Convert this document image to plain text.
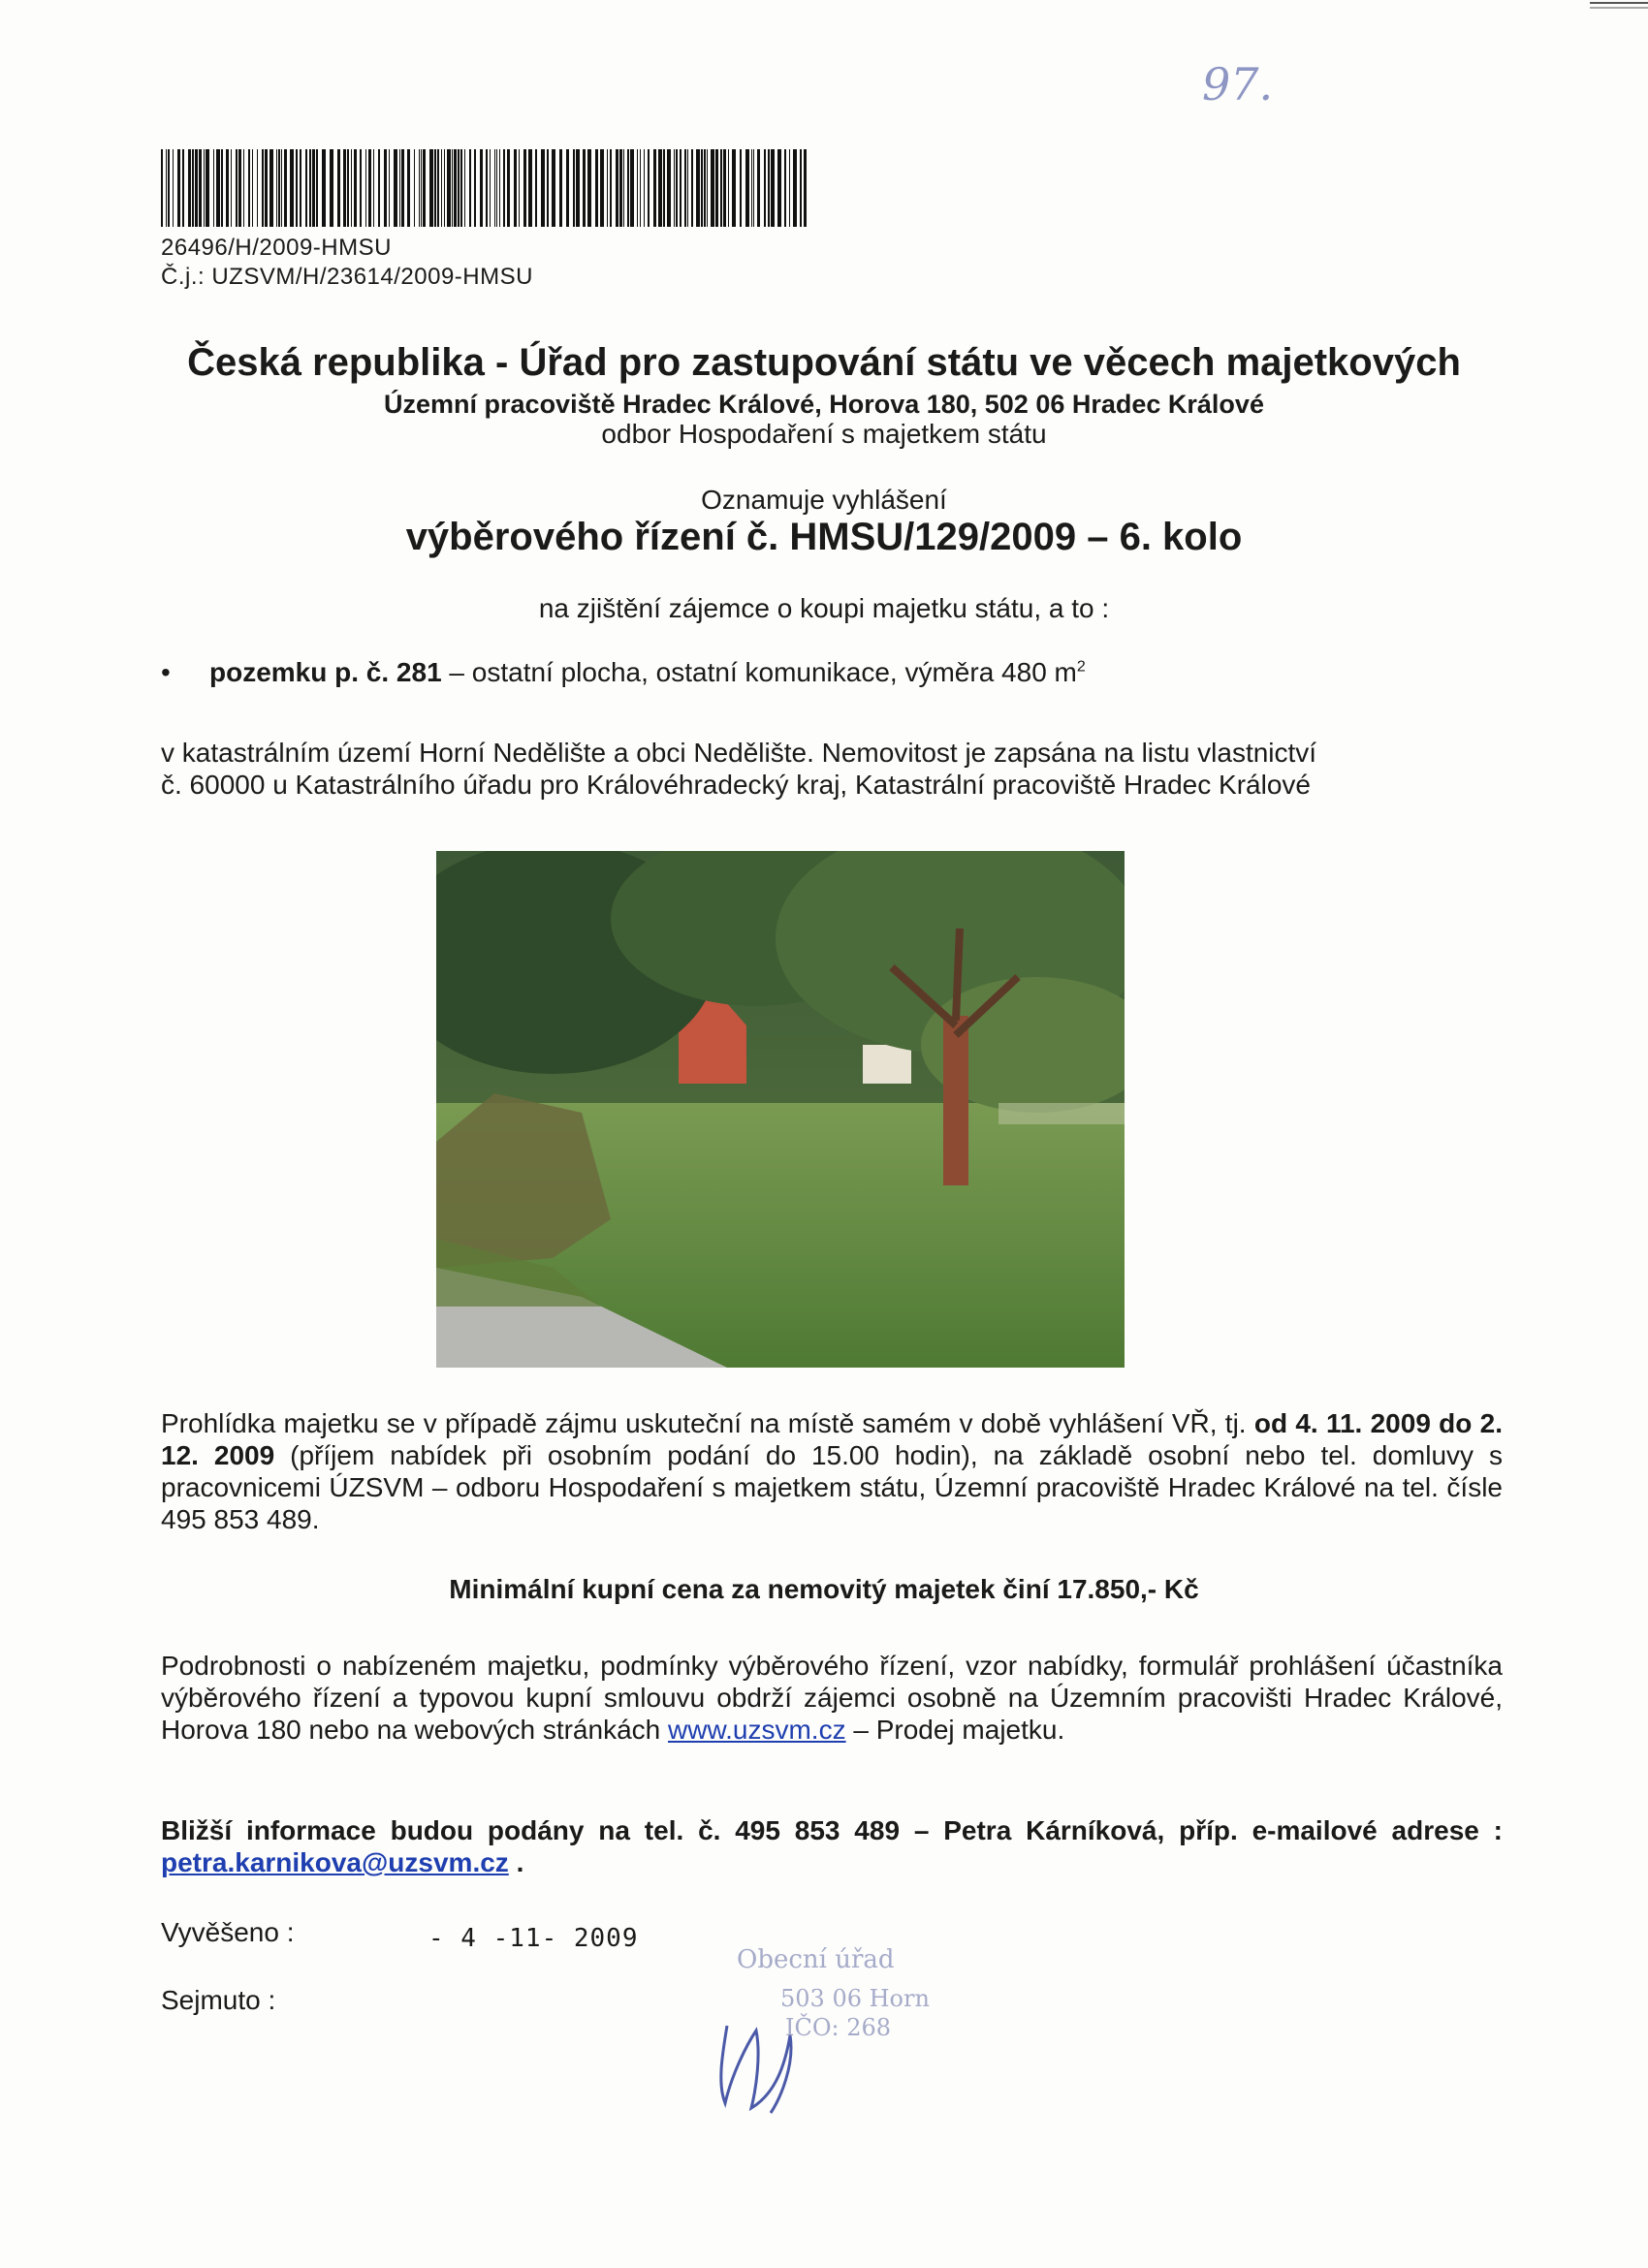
97.
26496/H/2009-HMSU
Č.j.: UZSVM/H/23614/2009-HMSU
Česká republika - Úřad pro zastupování státu ve věcech majetkových
Územní pracoviště Hradec Králové, Horova 180, 502 06 Hradec Králové
odbor Hospodaření s majetkem státu
Oznamuje vyhlášení
výběrového řízení č. HMSU/129/2009 – 6. kolo
na zjištění zájemce o koupi majetku státu, a to :
• pozemku p. č. 281 – ostatní plocha, ostatní komunikace, výměra 480 $m^2$
v katastrálním území Horní Nedělište a obci Nedělište. Nemovitost je zapsána na listu vlastnictví
č. 60000 u Katastrálního úřadu pro Královéhradecký kraj, Katastrální pracoviště Hradec Králové
Prohlídka majetku se v případě zájmu uskuteční na místě samém v době vyhlášení VŘ, tj. od 4. 11. 2009 do 2. 12. 2009 (příjem nabídek při osobním podání do 15.00 hodin), na základě osobní nebo tel. domluvy s pracovnicemi ÚZSVM – odboru Hospodaření s majetkem státu, Územní pracoviště Hradec Králové na tel. čísle 495 853 489.
Minimální kupní cena za nemovitý majetek činí 17.850,- Kč
Podrobnosti o nabízeném majetku, podmínky výběrového řízení, vzor nabídky, formulář prohlášení účastníka výběrového řízení a typovou kupní smlouvu obdrží zájemci osobně na Územním pracovišti Hradec Králové, Horova 180 nebo na webových stránkách www.uzsvm.cz – Prodej majetku.
Bližší informace budou podány na tel. č. 495 853 489 – Petra Kárníková, příp. e-mailové adrese : petra.karnikova@uzsvm.cz .
Vyvěšeno :	- 4 -11- 2009
Sejmuto :
Obecní úřad
503 06 Horn
IČO: 268
